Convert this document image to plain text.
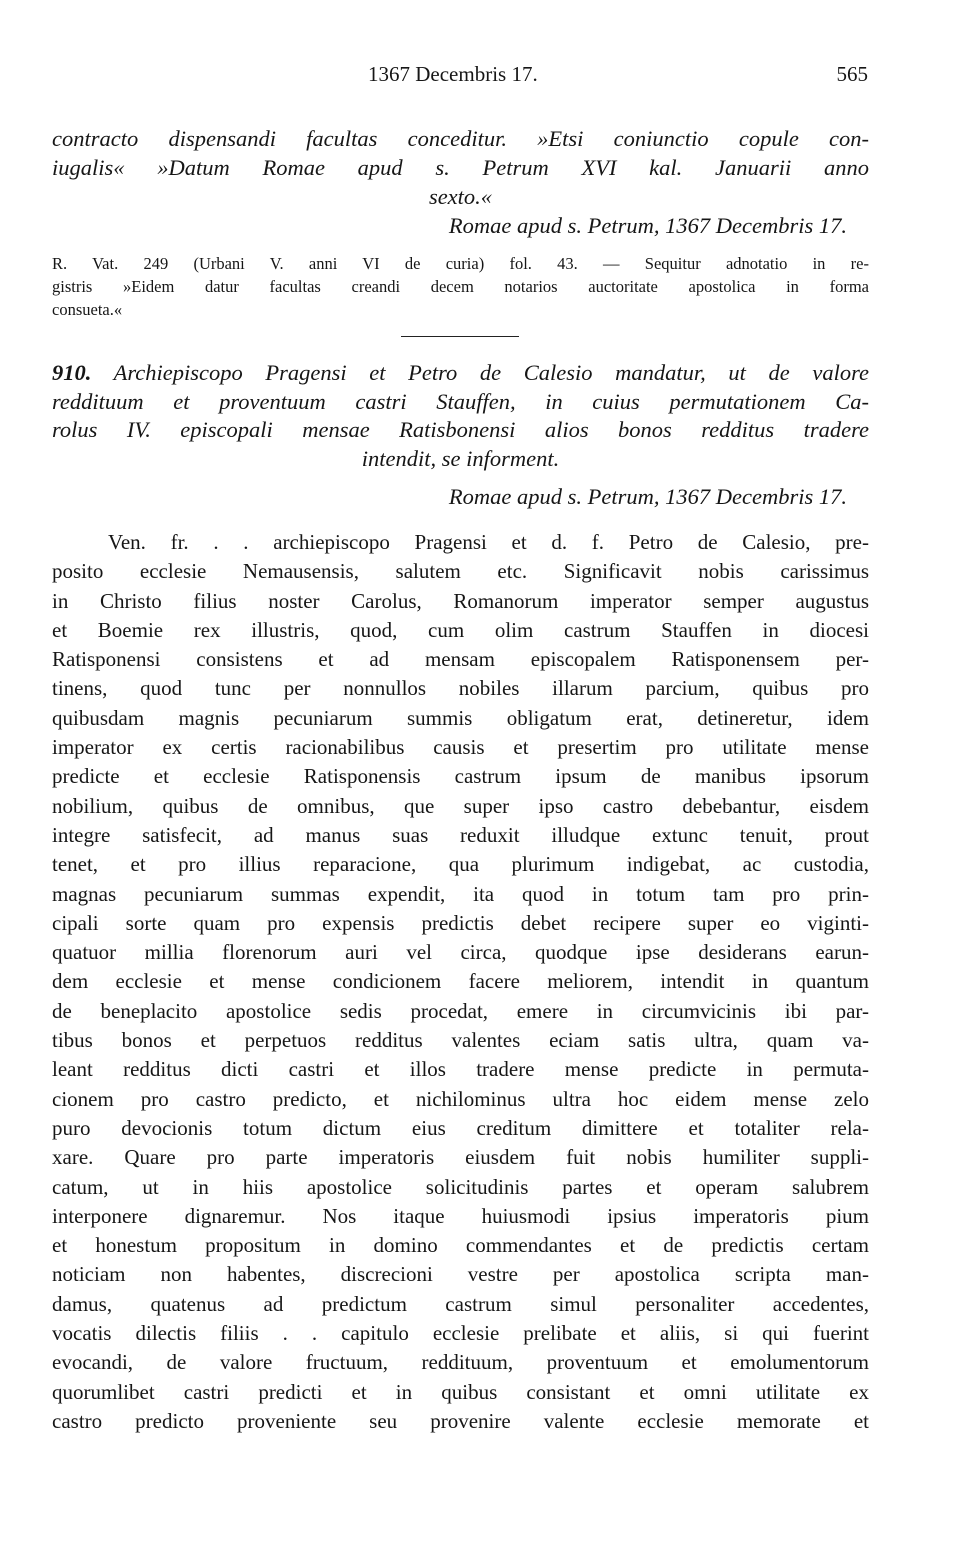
1367 Decembris 17.	565
contracto dispensandi facultas conceditur. »Etsi coniunctio copule con-
iugalis« »Datum Romae apud s. Petrum XVI kal. Januarii anno
sexto.«
Romae apud s. Petrum, 1367 Decembris 17.
R. Vat. 249 (Urbani V. anni VI de curia) fol. 43. — Sequitur adnotatio in re-
gistris »Eidem datur facultas creandi decem notarios auctoritate apostolica in forma
consueta.«
910. Archiepiscopo Pragensi et Petro de Calesio mandatur, ut de valore
reddituum et proventuum castri Stauffen, in cuius permutationem Ca-
rolus IV. episcopali mensae Ratisbonensi alios bonos redditus tradere
intendit, se informent.
Romae apud s. Petrum, 1367 Decembris 17.
Ven. fr. . . archiepiscopo Pragensi et d. f. Petro de Calesio, pre-
posito ecclesie Nemausensis, salutem etc. Significavit nobis carissimus
in Christo filius noster Carolus, Romanorum imperator semper augustus
et Boemie rex illustris, quod, cum olim castrum Stauffen in diocesi
Ratisponensi consistens et ad mensam episcopalem Ratisponensem per-
tinens, quod tunc per nonnullos nobiles illarum parcium, quibus pro
quibusdam magnis pecuniarum summis obligatum erat, detineretur, idem
imperator ex certis racionabilibus causis et presertim pro utilitate mense
predicte et ecclesie Ratisponensis castrum ipsum de manibus ipsorum
nobilium, quibus de omnibus, que super ipso castro debebantur, eisdem
integre satisfecit, ad manus suas reduxit illudque extunc tenuit, prout
tenet, et pro illius reparacione, qua plurimum indigebat, ac custodia,
magnas pecuniarum summas expendit, ita quod in totum tam pro prin-
cipali sorte quam pro expensis predictis debet recipere super eo viginti-
quatuor millia florenorum auri vel circa, quodque ipse desiderans earun-
dem ecclesie et mense condicionem facere meliorem, intendit in quantum
de beneplacito apostolice sedis procedat, emere in circumvicinis ibi par-
tibus bonos et perpetuos redditus valentes eciam satis ultra, quam va-
leant redditus dicti castri et illos tradere mense predicte in permuta-
cionem pro castro predicto, et nichilominus ultra hoc eidem mense zelo
puro devocionis totum dictum eius creditum dimittere et totaliter rela-
xare. Quare pro parte imperatoris eiusdem fuit nobis humiliter suppli-
catum, ut in hiis apostolice solicitudinis partes et operam salubrem
interponere dignaremur. Nos itaque huiusmodi ipsius imperatoris pium
et honestum propositum in domino commendantes et de predictis certam
noticiam non habentes, discrecioni vestre per apostolica scripta man-
damus, quatenus ad predictum castrum simul personaliter accedentes,
vocatis dilectis filiis . . capitulo ecclesie prelibate et aliis, si qui fuerint
evocandi, de valore fructuum, reddituum, proventuum et emolumentorum
quorumlibet castri predicti et in quibus consistant et omni utilitate ex
castro predicto proveniente seu provenire valente ecclesie memorate et
